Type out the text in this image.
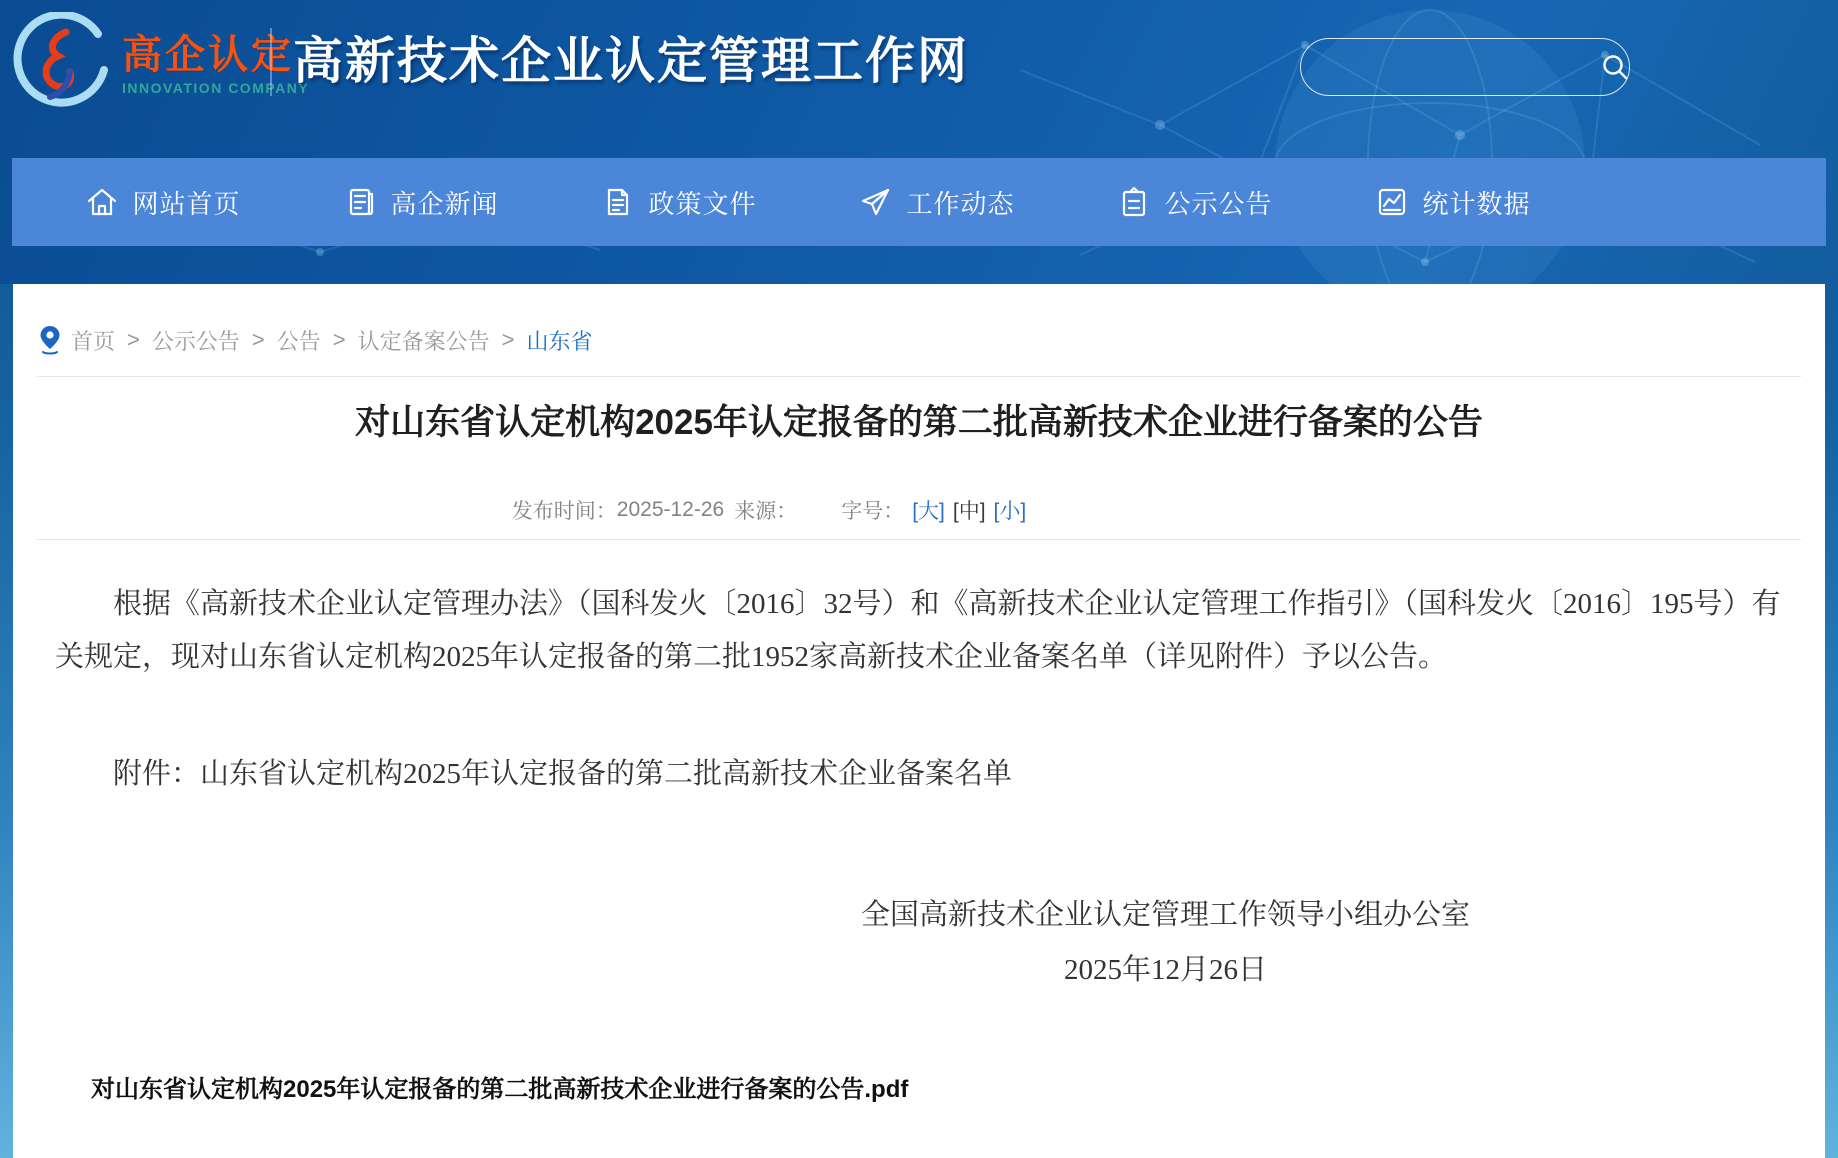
高企认定
INNOVATION COMPANY
高新技术企业认定管理工作网
网站首页	高企新闻	政策文件	工作动态	公示公告	统计数据
首页 > 公示公告 > 公告 > 认定备案公告 > 山东省
对山东省认定机构2025年认定报备的第二批高新技术企业进行备案的公告
发布时间： 2025-12-26 来源： 字号： [大] [中] [小]

根据《高新技术企业认定管理办法》（国科发火〔2016〕32号）和《高新技术企业认定管理工作指引》（国科发火〔2016〕195号）有关规定，现对山东省认定机构2025年认定报备的第二批1952家高新技术企业备案名单（详见附件）予以公告。

附件：山东省认定机构2025年认定报备的第二批高新技术企业备案名单

全国高新技术企业认定管理工作领导小组办公室
2025年12月26日
对山东省认定机构2025年认定报备的第二批高新技术企业进行备案的公告.pdf
